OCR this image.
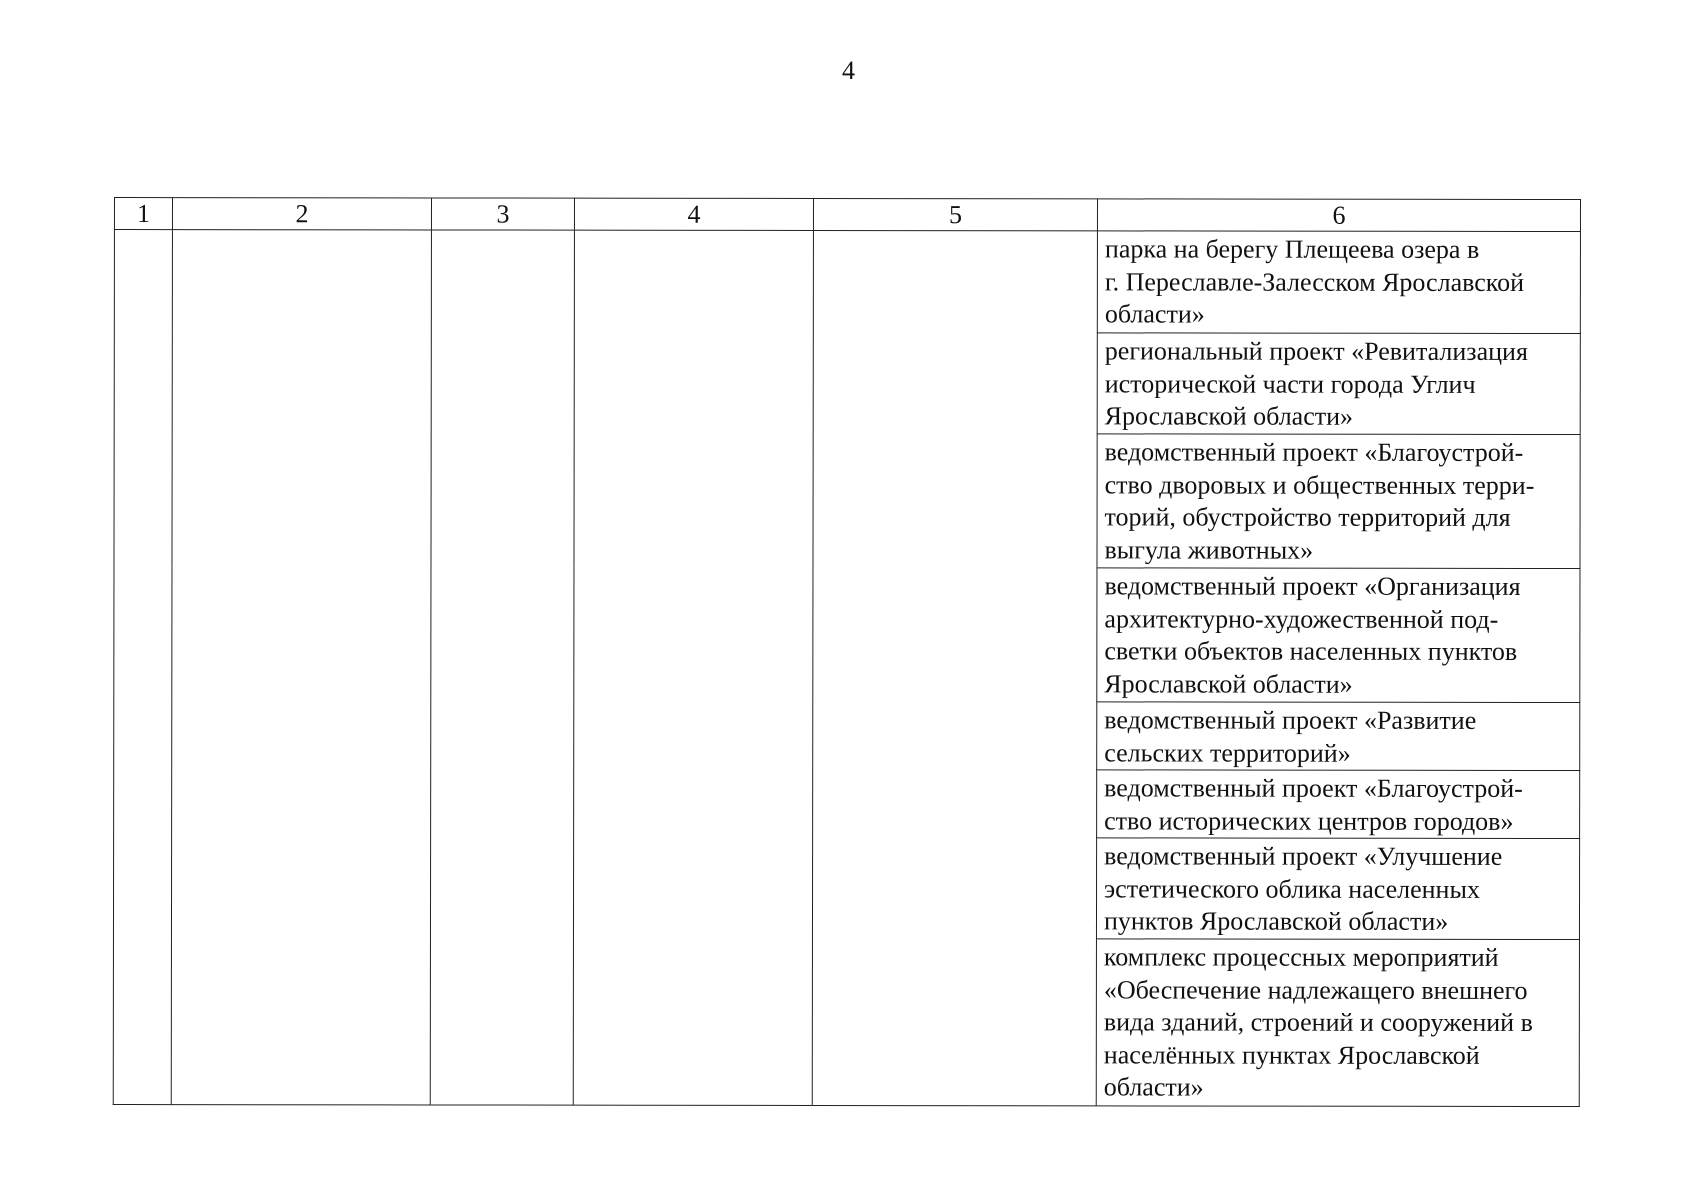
4
1	2	3	4	5	6
					парка на берегу Плещеева озера в
г. Переславле-Залесском Ярославской
области»
					региональный проект «Ревитализация
исторической части города Углич
Ярославской области»
					ведомственный проект «Благоустрой-
ство дворовых и общественных терри-
торий, обустройство территорий для
выгула животных»
					ведомственный проект «Организация
архитектурно-художественной под-
светки объектов населенных пунктов
Ярославской области»
					ведомственный проект «Развитие
сельских территорий»
					ведомственный проект «Благоустрой-
ство исторических центров городов»
					ведомственный проект «Улучшение
эстетического облика населенных
пунктов Ярославской области»
					комплекс процессных мероприятий
«Обеспечение надлежащего внешнего
вида зданий, строений и сооружений в
населённых пунктах Ярославской
области»
